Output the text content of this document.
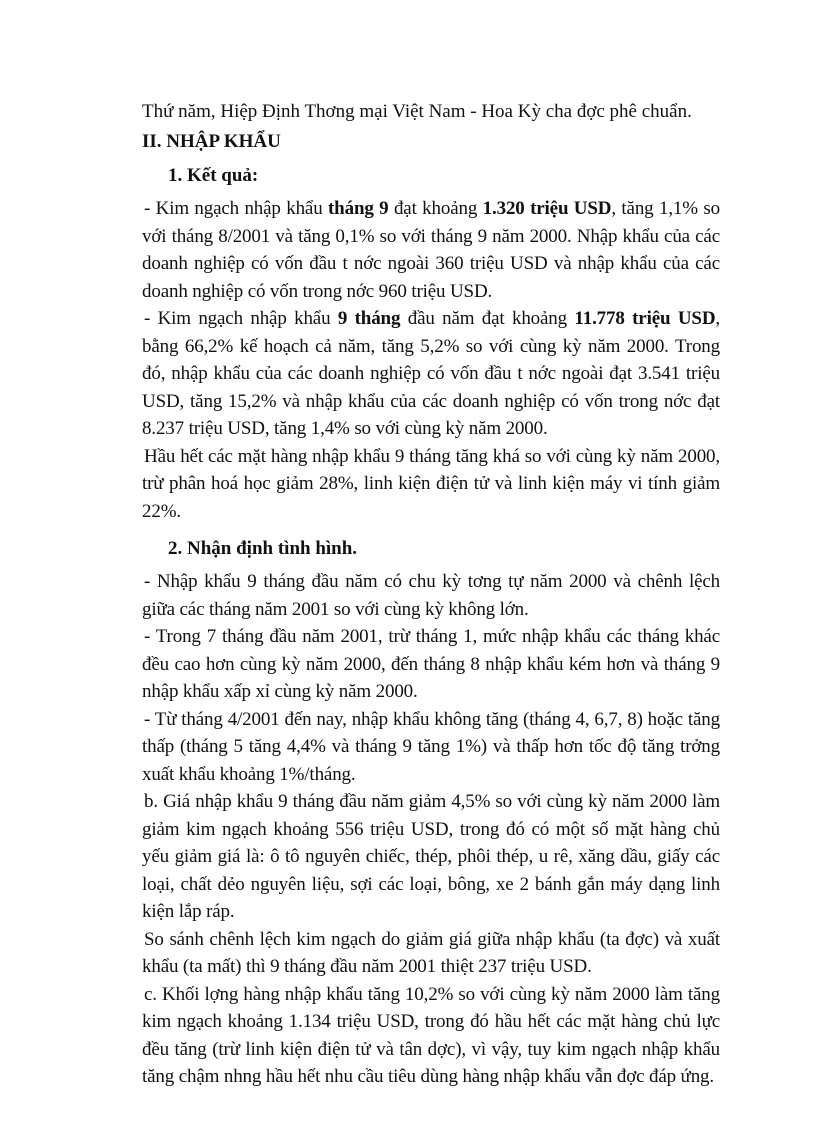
Thứ năm, Hiệp Định Thơng mại Việt Nam - Hoa Kỳ cha đợc phê chuẩn.

II. NHẬP KHẨU

1. Kết quả:

- Kim ngạch nhập khẩu tháng 9 đạt khoảng 1.320 triệu USD, tăng 1,1% so với tháng 8/2001 và tăng 0,1% so với tháng 9 năm 2000. Nhập khẩu của các doanh nghiệp có vốn đầu t nớc ngoài 360 triệu USD và nhập khẩu của các doanh nghiệp có vốn trong nớc 960 triệu USD.

- Kim ngạch nhập khẩu 9 tháng đầu năm đạt khoảng 11.778 triệu USD, bằng 66,2% kế hoạch cả năm, tăng 5,2% so với cùng kỳ năm 2000. Trong đó, nhập khẩu của các doanh nghiệp có vốn đầu t nớc ngoài đạt 3.541 triệu USD, tăng 15,2% và nhập khẩu của các doanh nghiệp có vốn trong nớc đạt 8.237 triệu USD, tăng 1,4% so với cùng kỳ năm 2000.

Hầu hết các mặt hàng nhập khẩu 9 tháng tăng khá so với cùng kỳ năm 2000, trừ phân hoá học giảm 28%, linh kiện điện tử và linh kiện máy vi tính giảm 22%.

2. Nhận định tình hình.

- Nhập khẩu 9 tháng đầu năm có chu kỳ tơng tự năm 2000 và chênh lệch giữa các tháng năm 2001 so với cùng kỳ không lớn.

- Trong 7 tháng đầu năm 2001, trừ tháng 1, mức nhập khẩu các tháng khác đều cao hơn cùng kỳ năm 2000, đến tháng 8 nhập khẩu kém hơn và tháng 9 nhập khẩu xấp xỉ cùng kỳ năm 2000.

- Từ tháng 4/2001 đến nay, nhập khẩu không tăng (tháng 4, 6,7, 8) hoặc tăng thấp (tháng 5 tăng 4,4% và tháng 9 tăng 1%) và thấp hơn tốc độ tăng trởng xuất khẩu khoảng 1%/tháng.

b. Giá nhập khẩu 9 tháng đầu năm giảm 4,5% so với cùng kỳ năm 2000 làm giảm kim ngạch khoảng 556 triệu USD, trong đó có một số mặt hàng chủ yếu giảm giá là: ô tô nguyên chiếc, thép, phôi thép, u rê, xăng dầu, giấy các loại, chất dẻo nguyên liệu, sợi các loại, bông, xe 2 bánh gắn máy dạng linh kiện lắp ráp.

So sánh chênh lệch kim ngạch do giảm giá giữa nhập khẩu (ta đợc) và xuất khẩu (ta mất) thì 9 tháng đầu năm 2001 thiệt 237 triệu USD.

c. Khối lợng hàng nhập khẩu tăng 10,2% so với cùng kỳ năm 2000 làm tăng kim ngạch khoảng 1.134 triệu USD, trong đó hầu hết các mặt hàng chủ lực đều tăng (trừ linh kiện điện tử và tân dợc), vì vậy, tuy kim ngạch nhập khẩu tăng chậm nhng hầu hết nhu cầu tiêu dùng hàng nhập khẩu vẫn đợc đáp ứng.
